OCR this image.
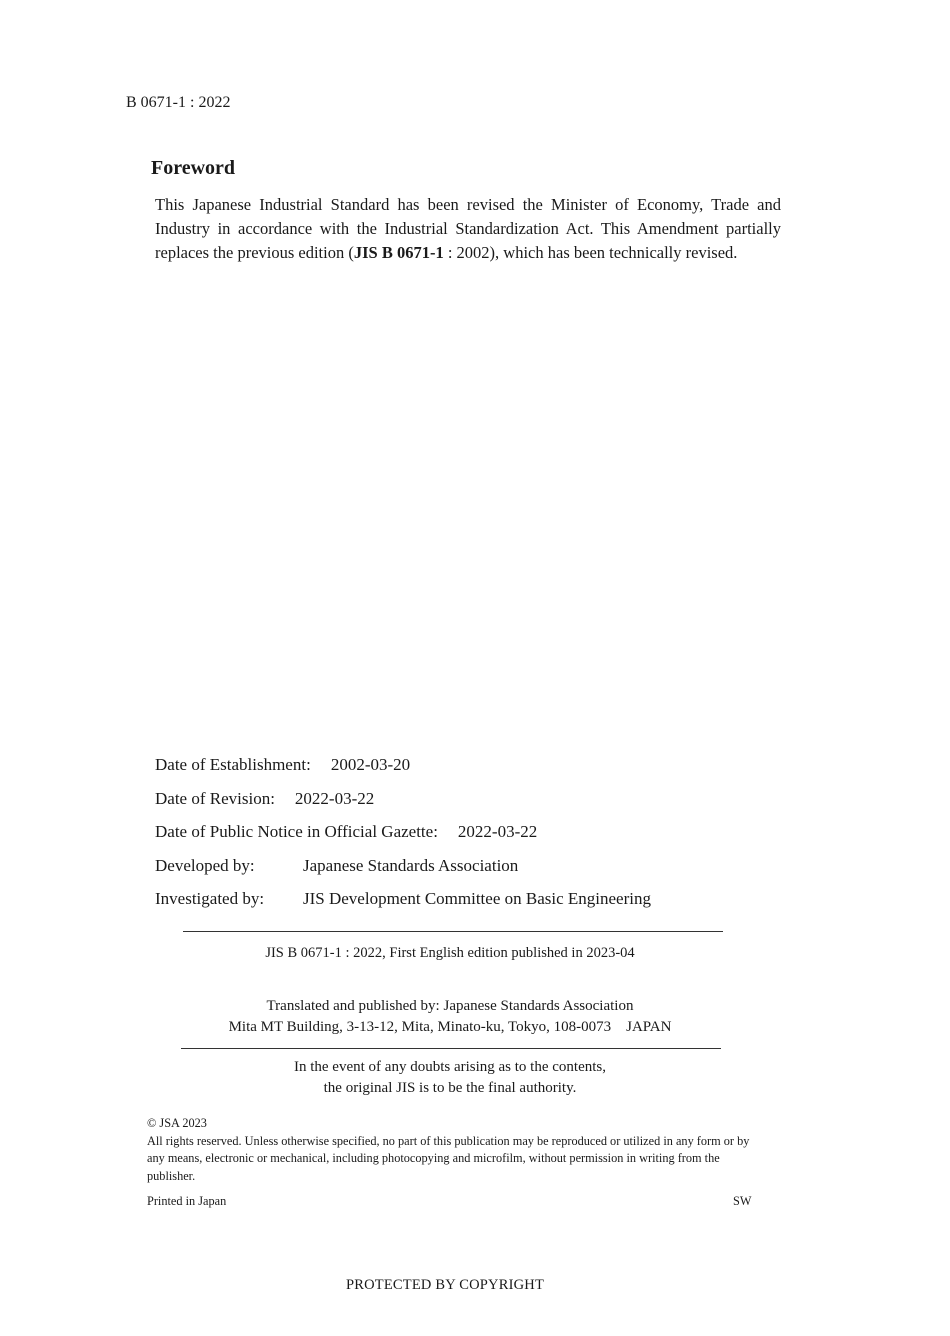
B 0671-1 : 2022
Foreword
This Japanese Industrial Standard has been revised the Minister of Economy, Trade and Industry in accordance with the Industrial Standardization Act. This Amendment partially replaces the previous edition (JIS B 0671-1 : 2002), which has been technically revised.
Date of Establishment: 2002-03-20
Date of Revision: 2022-03-22
Date of Public Notice in Official Gazette: 2022-03-22
Developed by:	Japanese Standards Association
Investigated by: JIS Development Committee on Basic Engineering
JIS B 0671-1 : 2022, First English edition published in 2023-04
Translated and published by: Japanese Standards Association
Mita MT Building, 3-13-12, Mita, Minato-ku, Tokyo, 108-0073    JAPAN
In the event of any doubts arising as to the contents,
the original JIS is to be the final authority.
© JSA 2023
All rights reserved. Unless otherwise specified, no part of this publication may be reproduced or utilized in any form or by any means, electronic or mechanical, including photocopying and microfilm, without permission in writing from the publisher.
Printed in Japan	SW
PROTECTED BY COPYRIGHT
